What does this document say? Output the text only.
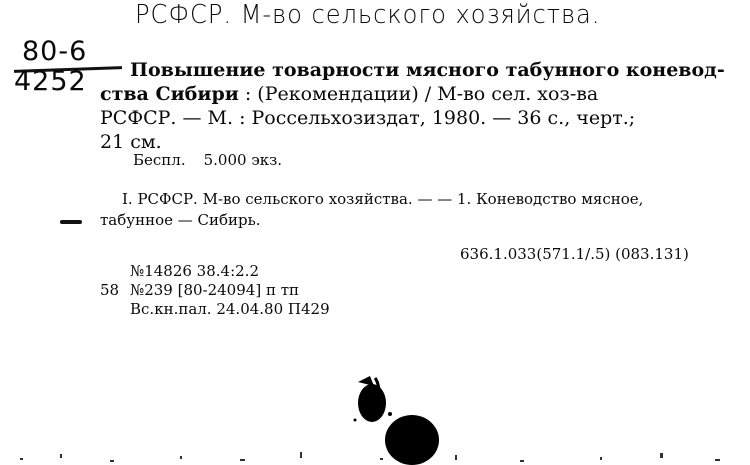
РСФСР. М-во сельского хозяйства.
80-6
4252	Повышение товарности мясного табунного коневод-
ства Сибири : (Рекомендации) / М-во сел. хоз-ва
РСФСР. — М. : Россельхозиздат, 1980. — 36 с., черт.;
21 см.
Беспл. 5.000 экз.
I. РСФСР. М-во сельского хозяйства. — — 1. Коневодство мясное,
табунное — Сибирь.
636.1.033(571.1/.5) (083.131)
№14826 38.4:2.2
58 №239 [80-24094] п тп
Вс.кн.пал. 24.04.80 П429
